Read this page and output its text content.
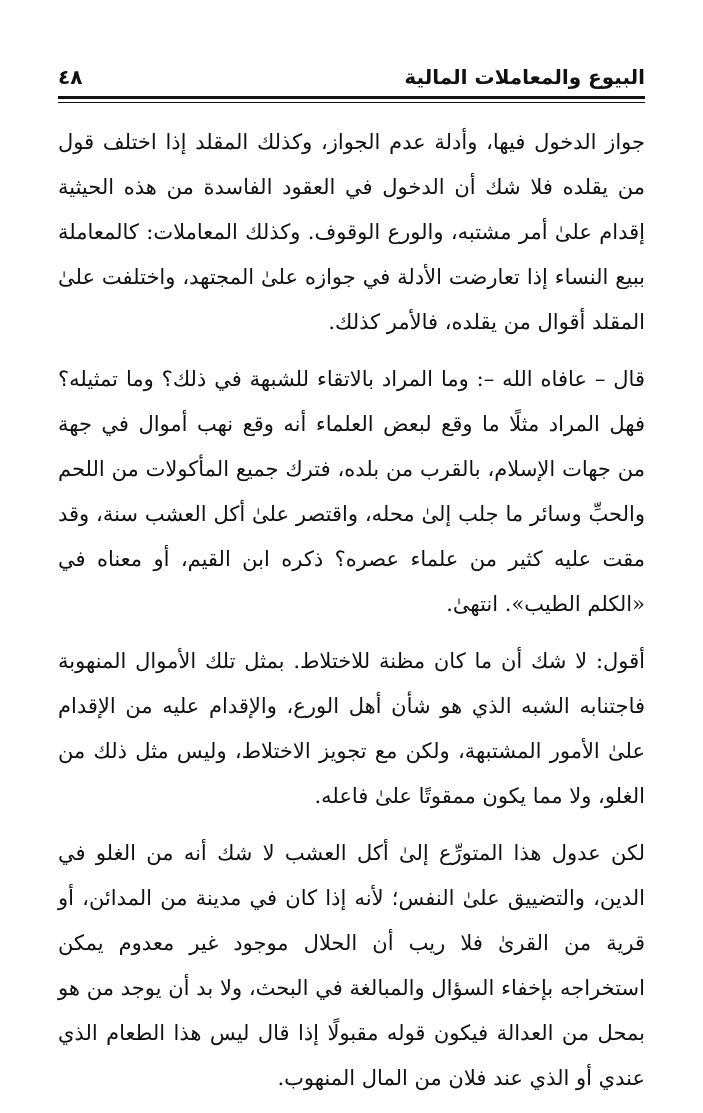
البيوع والمعاملات المالية
٤٨

جواز الدخول فيها، وأدلة عدم الجواز، وكذلك المقلد إذا اختلف قول من يقلده فلا شك أن الدخول في العقود الفاسدة من هذه الحيثية إقدام علىٰ أمر مشتبه، والورع الوقوف. وكذلك المعاملات: كالمعاملة ببيع النساء إذا تعارضت الأدلة في جوازه علىٰ المجتهد، واختلفت علىٰ المقلد أقوال من يقلده، فالأمر كذلك.

قال – عافاه الله –: وما المراد بالاتقاء للشبهة في ذلك؟ وما تمثيله؟ فهل المراد مثلًا ما وقع لبعض العلماء أنه وقع نهب أموال في جهة من جهات الإسلام، بالقرب من بلده، فترك جميع المأكولات من اللحم والحبِّ وسائر ما جلب إلىٰ محله، واقتصر علىٰ أكل العشب سنة، وقد مقت عليه كثير من علماء عصره؟ ذكره ابن القيم، أو معناه في «الكلم الطيب». انتهىٰ.

أقول: لا شك أن ما كان مظنة للاختلاط. بمثل تلك الأموال المنهوبة فاجتنابه الشبه الذي هو شأن أهل الورع، والإقدام عليه من الإقدام علىٰ الأمور المشتبهة، ولكن مع تجويز الاختلاط، وليس مثل ذلك من الغلو، ولا مما يكون ممقوتًا علىٰ فاعله.

لكن عدول هذا المتورِّع إلىٰ أكل العشب لا شك أنه من الغلو في الدين، والتضييق علىٰ النفس؛ لأنه إذا كان في مدينة من المدائن، أو قرية من القرىٰ فلا ريب أن الحلال موجود غير معدوم يمكن استخراجه بإخفاء السؤال والمبالغة في البحث، ولا بد أن يوجد من هو بمحل من العدالة فيكون قوله مقبولًا إذا قال ليس هذا الطعام الذي عندي أو الذي عند فلان من المال المنهوب.
